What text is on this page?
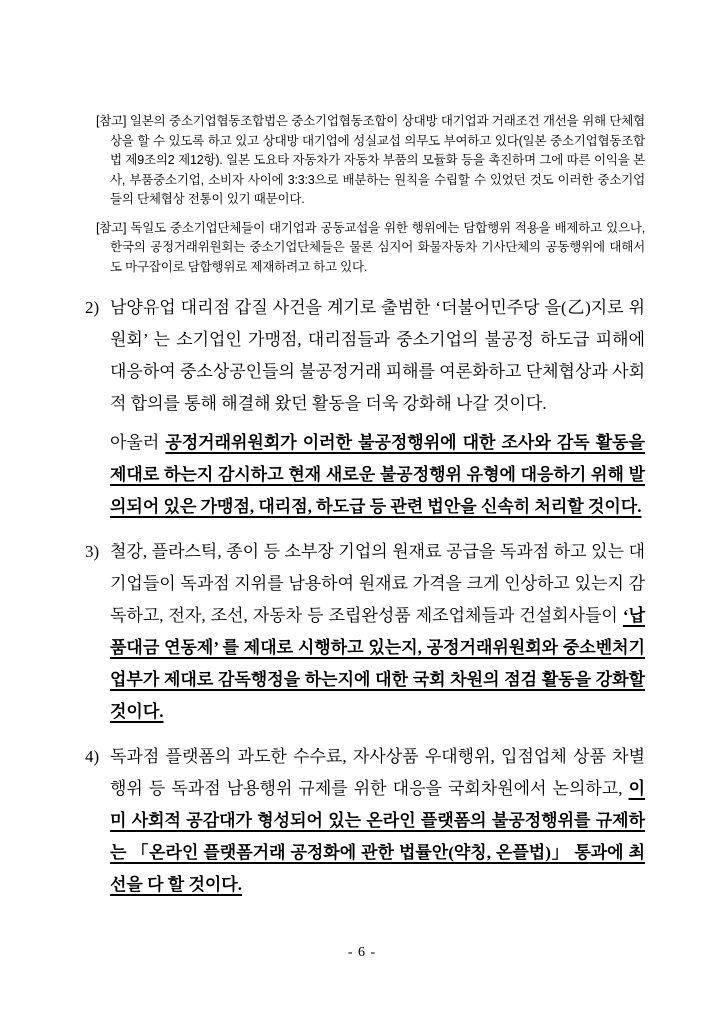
[참고] 일본의 중소기업협동조합법은 중소기업협동조합이 상대방 대기업과 거래조건 개선을 위해 단체협상을 할 수 있도록 하고 있고 상대방 대기업에 성실교섭 의무도 부여하고 있다(일본 중소기업협동조합법 제9조의2 제12항). 일본 도요타 자동차가 자동차 부품의 모듈화 등을 촉진하며 그에 따른 이익을 본사, 부품중소기업, 소비자 사이에 3:3:3으로 배분하는 원칙을 수립할 수 있었던 것도 이러한 중소기업들의 단체협상 전통이 있기 때문이다.

[참고] 독일도 중소기업단체들이 대기업과 공동교섭을 위한 행위에는 담합행위 적용을 배제하고 있으나, 한국의 공정거래위원회는 중소기업단체들은 물론 심지어 화물자동차 기사단체의 공동행위에 대해서도 마구잡이로 담합행위로 제재하려고 하고 있다.

2) 남양유업 대리점 갑질 사건을 계기로 출범한 ‘더불어민주당 을(乙)지로 위원회’ 는 소기업인 가맹점, 대리점들과 중소기업의 불공정 하도급 피해에 대응하여 중소상공인들의 불공정거래 피해를 여론화하고 단체협상과 사회적 합의를 통해 해결해 왔던 활동을 더욱 강화해 나갈 것이다.

아울러 공정거래위원회가 이러한 불공정행위에 대한 조사와 감독 활동을 제대로 하는지 감시하고 현재 새로운 불공정행위 유형에 대응하기 위해 발의되어 있은 가맹점, 대리점, 하도급 등 관련 법안을 신속히 처리할 것이다.

3) 철강, 플라스틱, 종이 등 소부장 기업의 원재료 공급을 독과점 하고 있는 대기업들이 독과점 지위를 남용하여 원재료 가격을 크게 인상하고 있는지 감독하고, 전자, 조선, 자동차 등 조립완성품 제조업체들과 건설회사들이 ‘납품대금 연동제’ 를 제대로 시행하고 있는지, 공정거래위원회와 중소벤처기업부가 제대로 감독행정을 하는지에 대한 국회 차원의 점검 활동을 강화할 것이다.

4) 독과점 플랫폼의 과도한 수수료, 자사상품 우대행위, 입점업체 상품 차별행위 등 독과점 남용행위 규제를 위한 대응을 국회차원에서 논의하고, 이미 사회적 공감대가 형성되어 있는 온라인 플랫폼의 불공정행위를 규제하는 「온라인 플랫폼거래 공정화에 관한 법률안(약칭, 온플법)」 통과에 최선을 다 할 것이다.

- 6 -
